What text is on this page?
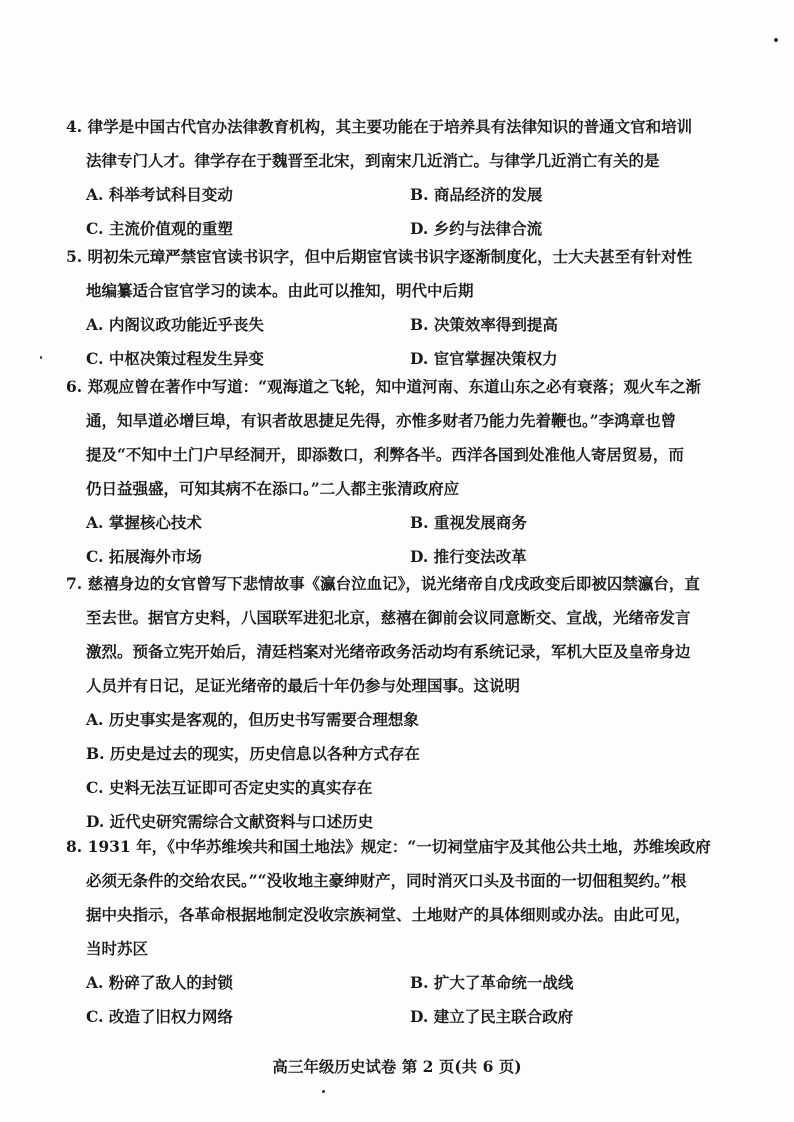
4. 律学是中国古代官办法律教育机构，其主要功能在于培养具有法律知识的普通文官和培训
法律专门人才。律学存在于魏晋至北宋，到南宋几近消亡。与律学几近消亡有关的是
A. 科举考试科目变动	B. 商品经济的发展
C. 主流价值观的重塑	D. 乡约与法律合流
5. 明初朱元璋严禁宦官读书识字，但中后期宦官读书识字逐渐制度化，士大夫甚至有针对性
地编纂适合宦官学习的读本。由此可以推知，明代中后期
A. 内阁议政功能近乎丧失	B. 决策效率得到提高
C. 中枢决策过程发生异变	D. 宦官掌握决策权力
6. 郑观应曾在著作中写道：“观海道之飞轮，知中道河南、东道山东之必有衰落；观火车之渐
通，知旱道必增巨埠，有识者故思捷足先得，亦惟多财者乃能力先着鞭也。”李鸿章也曾
提及“不知中土门户早经洞开，即添数口，利弊各半。西洋各国到处准他人寄居贸易，而
仍日益强盛，可知其病不在添口。”二人都主张清政府应
A. 掌握核心技术	B. 重视发展商务
C. 拓展海外市场	D. 推行变法改革
7. 慈禧身边的女官曾写下悲情故事《瀛台泣血记》，说光绪帝自戊戌政变后即被囚禁瀛台，直
至去世。据官方史料，八国联军进犯北京，慈禧在御前会议同意断交、宣战，光绪帝发言
激烈。预备立宪开始后，清廷档案对光绪帝政务活动均有系统记录，军机大臣及皇帝身边
人员并有日记，足证光绪帝的最后十年仍参与处理国事。这说明
A. 历史事实是客观的，但历史书写需要合理想象
B. 历史是过去的现实，历史信息以各种方式存在
C. 史料无法互证即可否定史实的真实存在
D. 近代史研究需综合文献资料与口述历史
8. 1931 年，《中华苏维埃共和国土地法》规定：“一切祠堂庙宇及其他公共土地，苏维埃政府
必须无条件的交给农民。”“没收地主豪绅财产，同时消灭口头及书面的一切佃租契约。”根
据中央指示，各革命根据地制定没收宗族祠堂、土地财产的具体细则或办法。由此可见，
当时苏区
A. 粉碎了敌人的封锁	B. 扩大了革命统一战线
C. 改造了旧权力网络	D. 建立了民主联合政府
高三年级历史试卷 第 2 页(共 6 页)
